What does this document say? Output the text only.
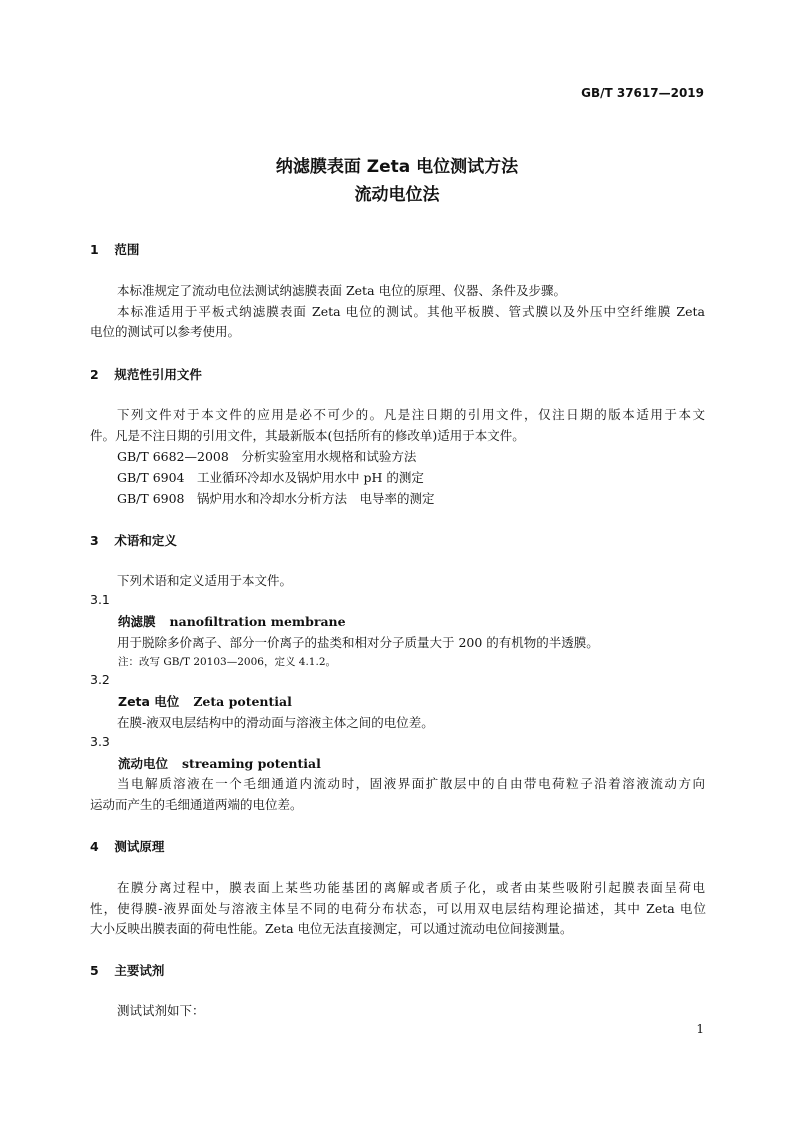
GB/T 37617—2019
纳滤膜表面 Zeta 电位测试方法
流动电位法
1 范围
本标准规定了流动电位法测试纳滤膜表面 Zeta 电位的原理、仪器、条件及步骤。
本标准适用于平板式纳滤膜表面 Zeta 电位的测试。其他平板膜、管式膜以及外压中空纤维膜 Zeta
电位的测试可以参考使用。
2 规范性引用文件
下列文件对于本文件的应用是必不可少的。凡是注日期的引用文件，仅注日期的版本适用于本文
件。凡是不注日期的引用文件，其最新版本(包括所有的修改单)适用于本文件。
GB/T 6682—2008　分析实验室用水规格和试验方法
GB/T 6904　工业循环冷却水及锅炉用水中 pH 的测定
GB/T 6908　锅炉用水和冷却水分析方法　电导率的测定
3 术语和定义
下列术语和定义适用于本文件。
3.1
纳滤膜 nanofiltration membrane
用于脱除多价离子、部分一价离子的盐类和相对分子质量大于 200 的有机物的半透膜。
注：改写 GB/T 20103—2006，定义 4.1.2。
3.2
Zeta 电位 Zeta potential
在膜-液双电层结构中的滑动面与溶液主体之间的电位差。
3.3
流动电位 streaming potential
当电解质溶液在一个毛细通道内流动时，固液界面扩散层中的自由带电荷粒子沿着溶液流动方向
运动而产生的毛细通道两端的电位差。
4 测试原理
在膜分离过程中，膜表面上某些功能基团的离解或者质子化，或者由某些吸附引起膜表面呈荷电
性，使得膜-液界面处与溶液主体呈不同的电荷分布状态，可以用双电层结构理论描述，其中 Zeta 电位
大小反映出膜表面的荷电性能。Zeta 电位无法直接测定，可以通过流动电位间接测量。
5 主要试剂
测试试剂如下：
1
